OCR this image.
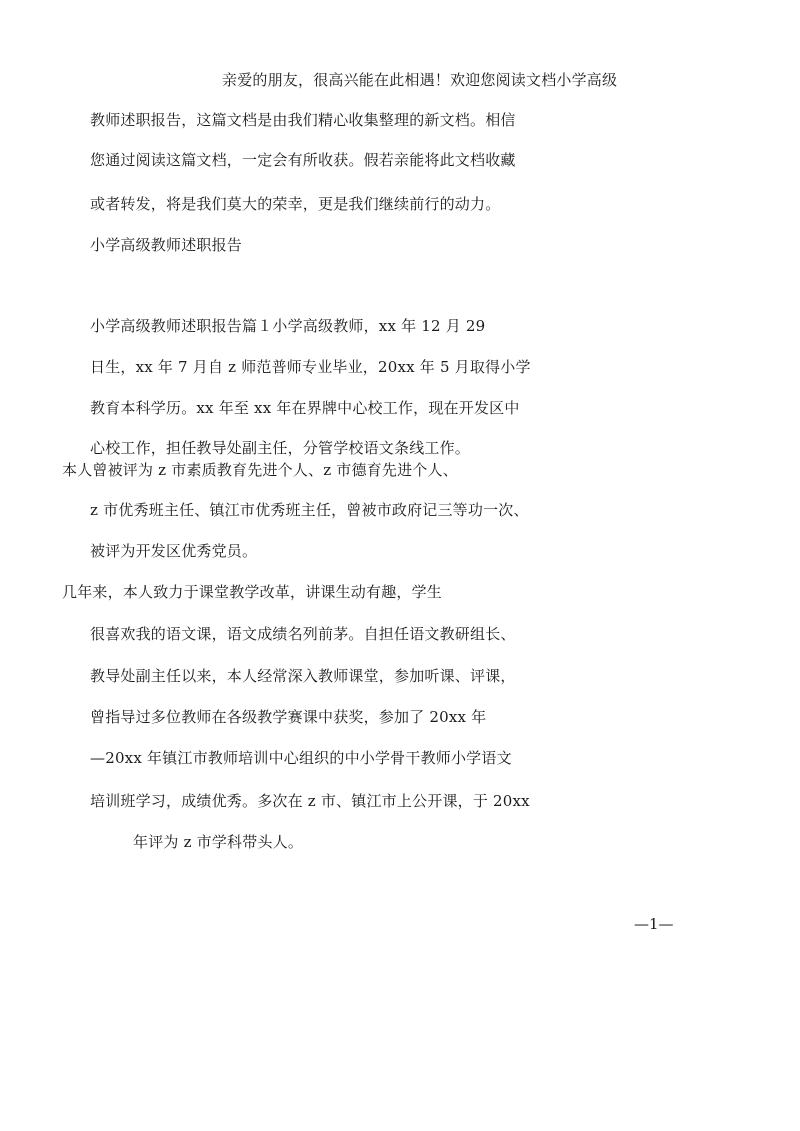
亲爱的朋友，很高兴能在此相遇！欢迎您阅读文档小学高级

教师述职报告，这篇文档是由我们精心收集整理的新文档。相信

您通过阅读这篇文档，一定会有所收获。假若亲能将此文档收藏

或者转发，将是我们莫大的荣幸，更是我们继续前行的动力。

小学高级教师述职报告

小学高级教师述职报告篇１小学高级教师，xx 年 12 月 29

日生，xx 年 7 月自 z 师范普师专业毕业，20xx 年 5 月取得小学

教育本科学历。xx 年至 xx 年在界牌中心校工作，现在开发区中

心校工作，担任教导处副主任，分管学校语文条线工作。

本人曾被评为 z 市素质教育先进个人、z 市德育先进个人、

z 市优秀班主任、镇江市优秀班主任，曾被市政府记三等功一次、

被评为开发区优秀党员。

几年来，本人致力于课堂教学改革，讲课生动有趣，学生

很喜欢我的语文课，语文成绩名列前茅。自担任语文教研组长、

教导处副主任以来，本人经常深入教师课堂，参加听课、评课，

曾指导过多位教师在各级教学赛课中获奖，参加了 20xx 年

—20xx 年镇江市教师培训中心组织的中小学骨干教师小学语文

培训班学习，成绩优秀。多次在 z 市、镇江市上公开课，于 20xx

年评为 z 市学科带头人。

—1—
